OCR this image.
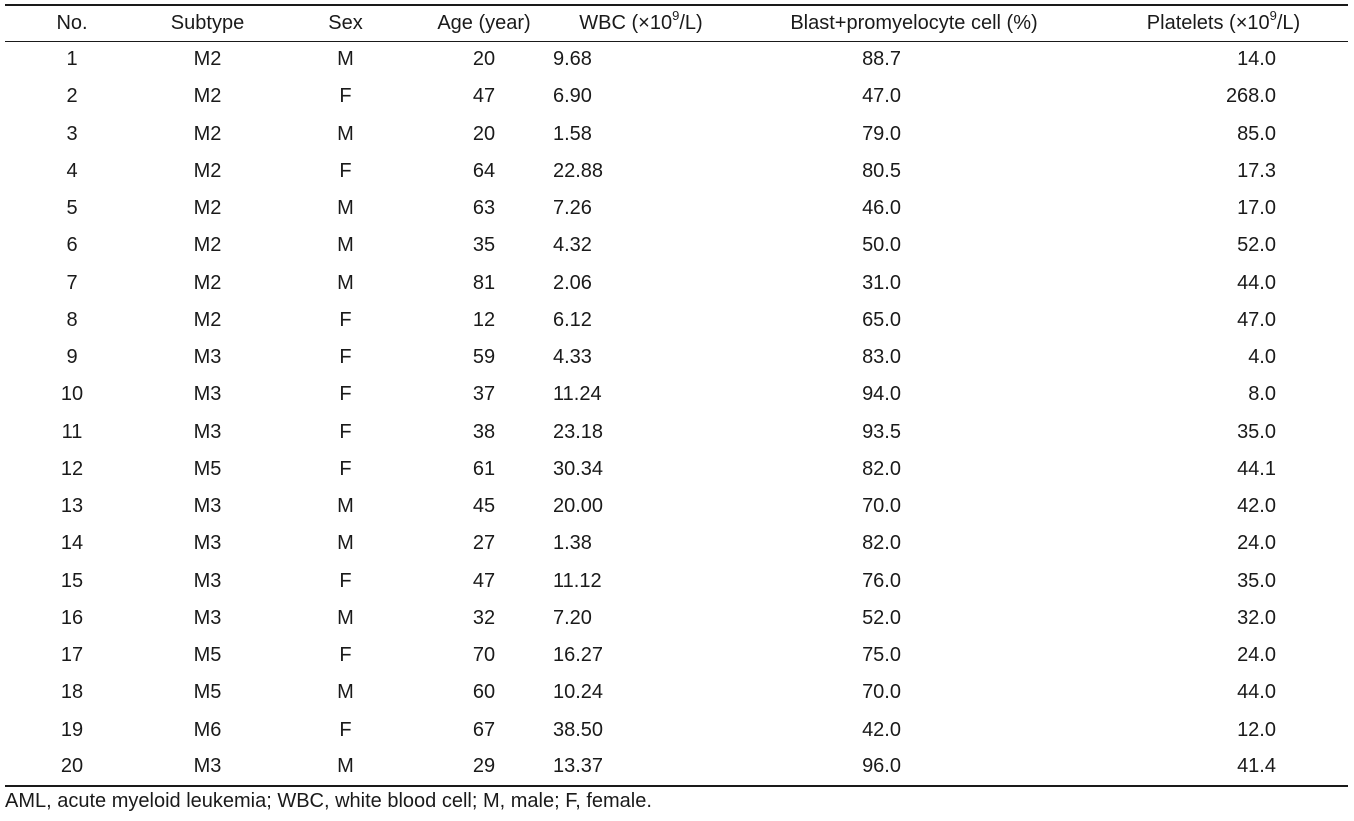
No.	Subtype	Sex	Age (year)	WBC $(\times 10^9/L)$	Blast+promyelocyte cell (%)	Platelets $(\times 10^9/L)$
1	M2	M	20	9.68	88.7	14.0
2	M2	F	47	6.90	47.0	268.0
3	M2	M	20	1.58	79.0	85.0
4	M2	F	64	22.88	80.5	17.3
5	M2	M	63	7.26	46.0	17.0
6	M2	M	35	4.32	50.0	52.0
7	M2	M	81	2.06	31.0	44.0
8	M2	F	12	6.12	65.0	47.0
9	M3	F	59	4.33	83.0	4.0
10	M3	F	37	11.24	94.0	8.0
11	M3	F	38	23.18	93.5	35.0
12	M5	F	61	30.34	82.0	44.1
13	M3	M	45	20.00	70.0	42.0
14	M3	M	27	1.38	82.0	24.0
15	M3	F	47	11.12	76.0	35.0
16	M3	M	32	7.20	52.0	32.0
17	M5	F	70	16.27	75.0	24.0
18	M5	M	60	10.24	70.0	44.0
19	M6	F	67	38.50	42.0	12.0
20	M3	M	29	13.37	96.0	41.4
AML, acute myeloid leukemia; WBC, white blood cell; M, male; F, female.
